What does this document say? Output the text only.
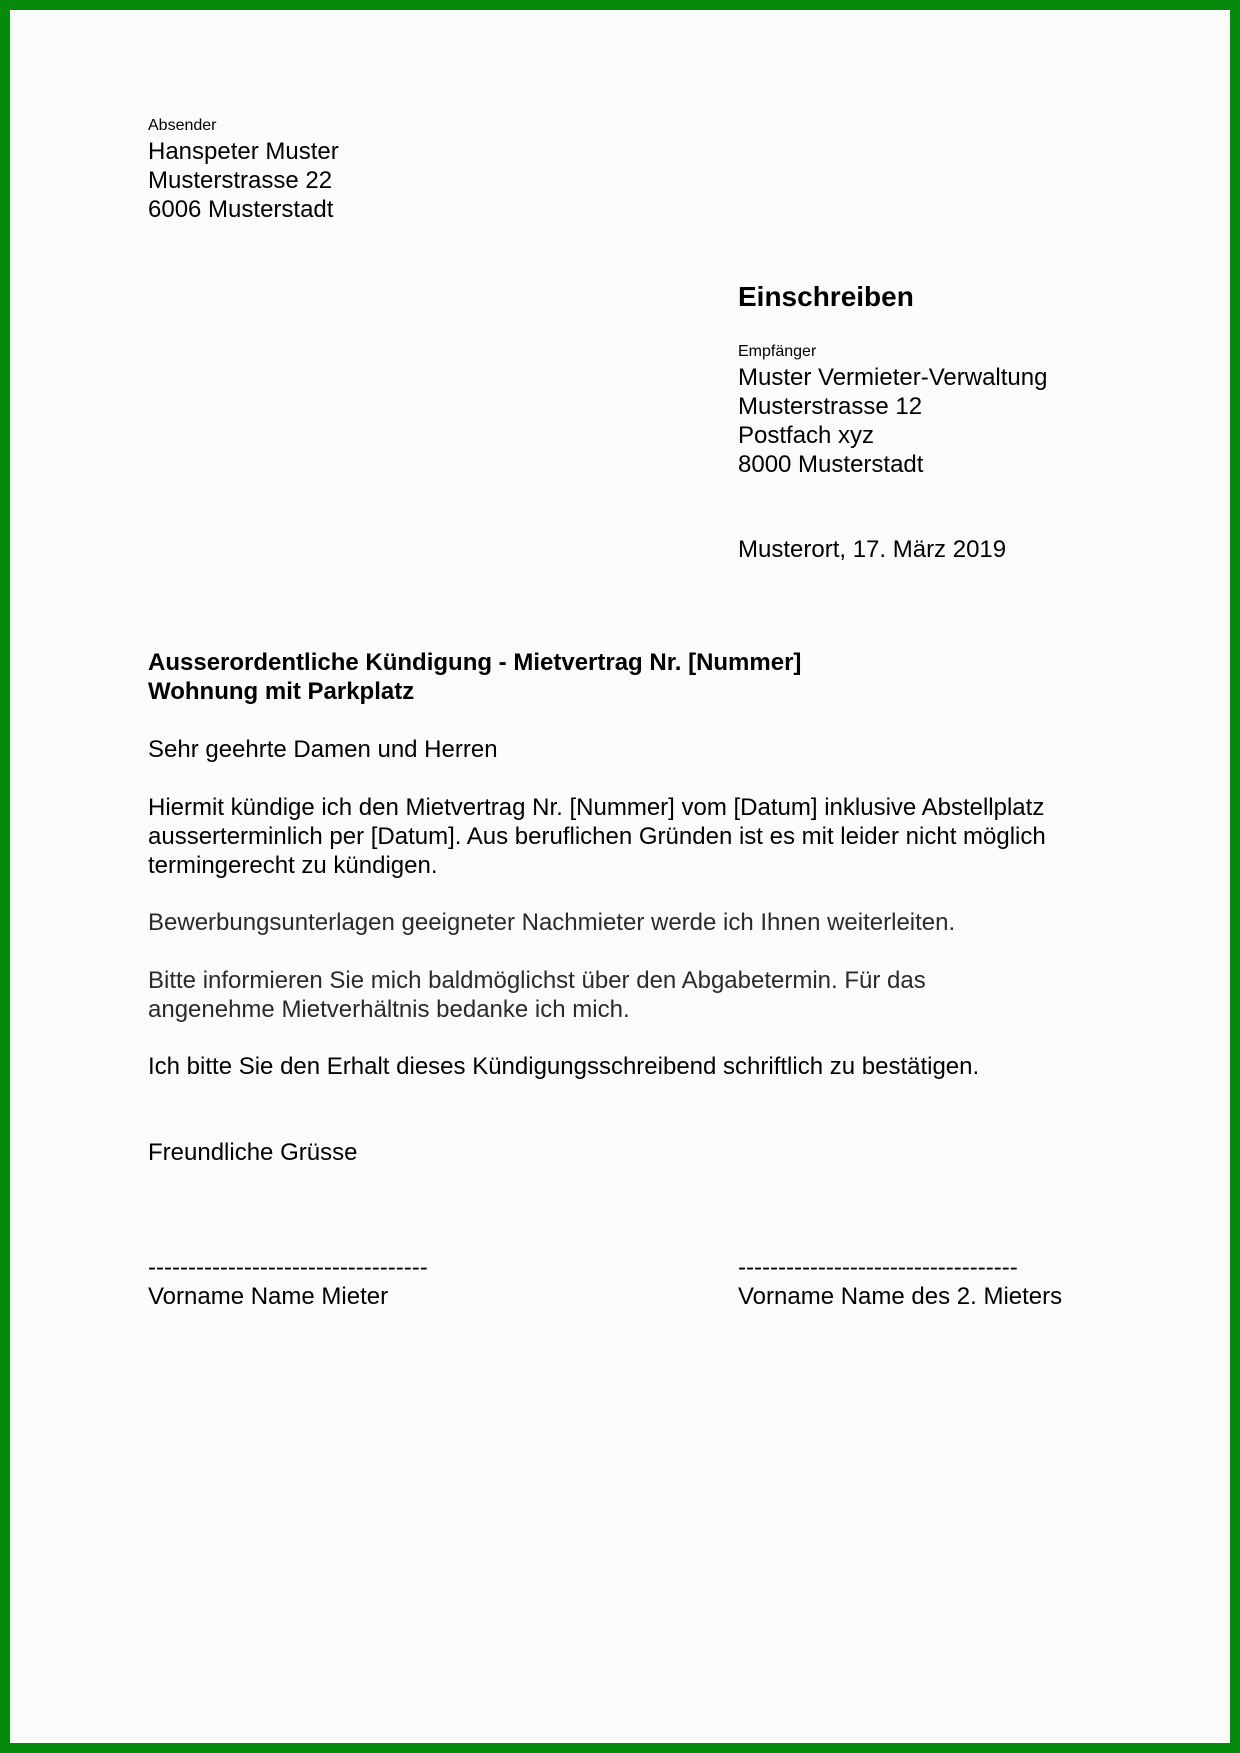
Absender
Hanspeter Muster
Musterstrasse 22
6006 Musterstadt
Einschreiben
Empfänger
Muster Vermieter-Verwaltung
Musterstrasse 12
Postfach xyz
8000 Musterstadt
Musterort, 17. März 2019
Ausserordentliche Kündigung - Mietvertrag Nr. [Nummer]
Wohnung mit Parkplatz
Sehr geehrte Damen und Herren
Hiermit kündige ich den Mietvertrag Nr. [Nummer] vom [Datum] inklusive Abstellplatz
ausserterminlich per [Datum]. Aus beruflichen Gründen ist es mit leider nicht möglich
termingerecht zu kündigen.
Bewerbungsunterlagen geeigneter Nachmieter werde ich Ihnen weiterleiten.
Bitte informieren Sie mich baldmöglichst über den Abgabetermin. Für das
angenehme Mietverhältnis bedanke ich mich.
Ich bitte Sie den Erhalt dieses Kündigungsschreibend schriftlich zu bestätigen.
Freundliche Grüsse
-----------------------------------
Vorname Name Mieter
-----------------------------------
Vorname Name des 2. Mieters
